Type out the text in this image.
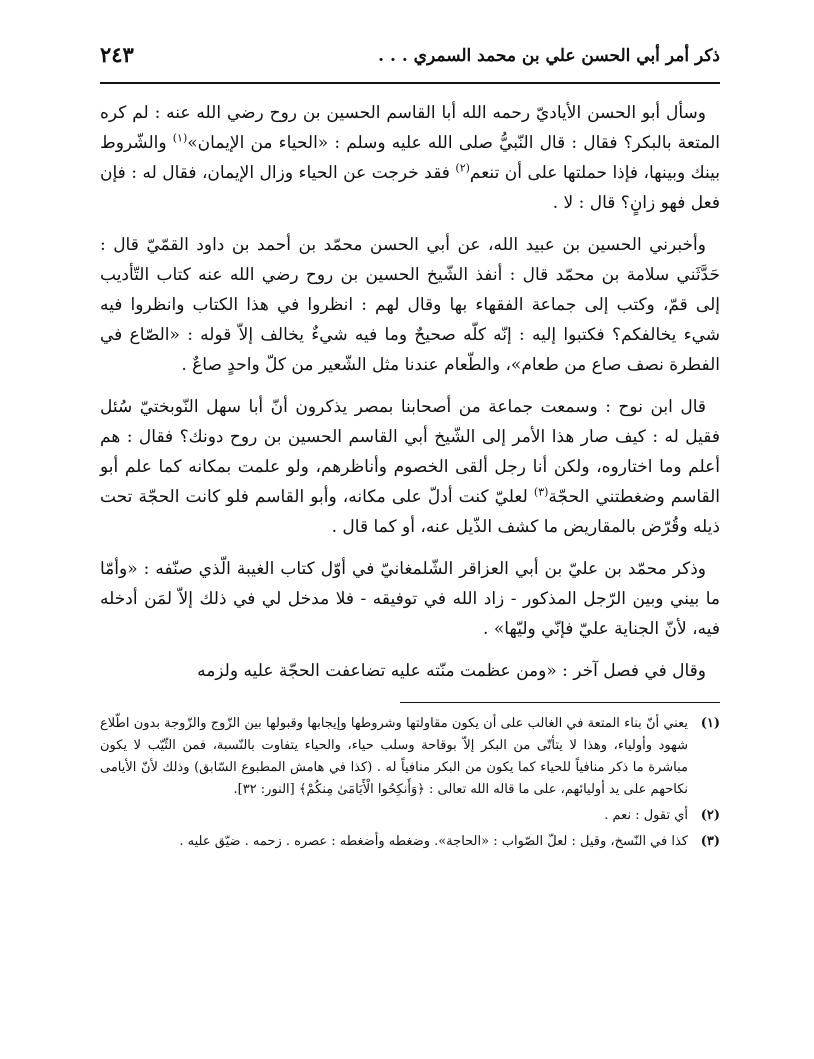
ذكر أمر أبي الحسن علي بن محمد السمري . . .
٢٤٣

وسأل أبو الحسن الأياديّ رحمه الله أبا القاسم الحسين بن روح رضي الله عنه : لم كره المتعة بالبكر؟ فقال : قال النّبيُّ صلى الله عليه وسلم : «الحياء من الإيمان»$^{(١)}$ والشّروط بينك وبينها، فإذا حملتها على أن تنعم$^{(٢)}$ فقد خرجت عن الحياء وزال الإيمان، فقال له : فإن فعل فهو زانٍ؟ قال : لا .

وأخبرني الحسين بن عبيد الله، عن أبي الحسن محمّد بن أحمد بن داود القمّيّ قال : حَدَّثَني سلامة بن محمّد قال : أنفذ الشّيخ الحسين بن روح رضي الله عنه كتاب التّأديب إلى قمّ، وكتب إلى جماعة الفقهاء بها وقال لهم : انظروا في هذا الكتاب وانظروا فيه شيء يخالفكم؟ فكتبوا إليه : إنّه كلّه صحيحٌ وما فيه شيءٌ يخالف إلاّ قوله : «الصّاع في الفطرة نصف صاع من طعام»، والطّعام عندنا مثل الشّعير من كلّ واحدٍ صاعٌ .

قال ابن نوح : وسمعت جماعة من أصحابنا بمصر يذكرون أنّ أبا سهل النّوبختيّ سُئل فقيل له : كيف صار هذا الأمر إلى الشّيخ أبي القاسم الحسين بن روح دونك؟ فقال : هم أعلم وما اختاروه، ولكن أنا رجل ألقى الخصوم وأناظرهم، ولو علمت بمكانه كما علم أبو القاسم وضغطتني الحجّة$^{(٣)}$ لعليّ كنت أدلّ على مكانه، وأبو القاسم فلو كانت الحجّة تحت ذيله وقُرّض بالمقاريض ما كشف الذّيل عنه، أو كما قال .

وذكر محمّد بن عليّ بن أبي العزاقر الشّلمغانيّ في أوّل كتاب الغيبة الّذي صنّفه : «وأمّا ما بيني وبين الرّجل المذكور - زاد الله في توفيقه - فلا مدخل لي في ذلك إلاّ لمَن أدخله فيه، لأنّ الجناية عليّ فإنّي وليّها» .

وقال في فصل آخر : «ومن عظمت منّته عليه تضاعفت الحجّة عليه ولزمه

(١)
يعني أنّ بناء المتعة في الغالب على أن يكون مقاولتها وشروطها وإيجابها وقبولها بين الزّوج والزّوجة بدون اطّلاع شهود وأولياء، وهذا لا يتأتّى من البكر إلاّ بوقاحة وسلب حياء، والحياء يتفاوت بالنّسبة، فمن الثّيّب لا يكون مباشرة ما ذكر منافياً للحياء كما يكون من البكر منافياً له . (كذا في هامش المطبوع السّابق) وذلك لأنّ الأيامى نكاحهم على يد أوليائهم، على ما قاله الله تعالى : ﴿وَأَنكِحُوا الْأَيَامَىٰ مِنكُمْ﴾ [النور: ٣٢].
(٢)
أي تقول : نعم .
(٣)
كذا في النّسخ، وقيل : لعلّ الصّواب : «الحاجة». وضغطه وأضغطه : عصره . زحمه . ضيّق عليه .
